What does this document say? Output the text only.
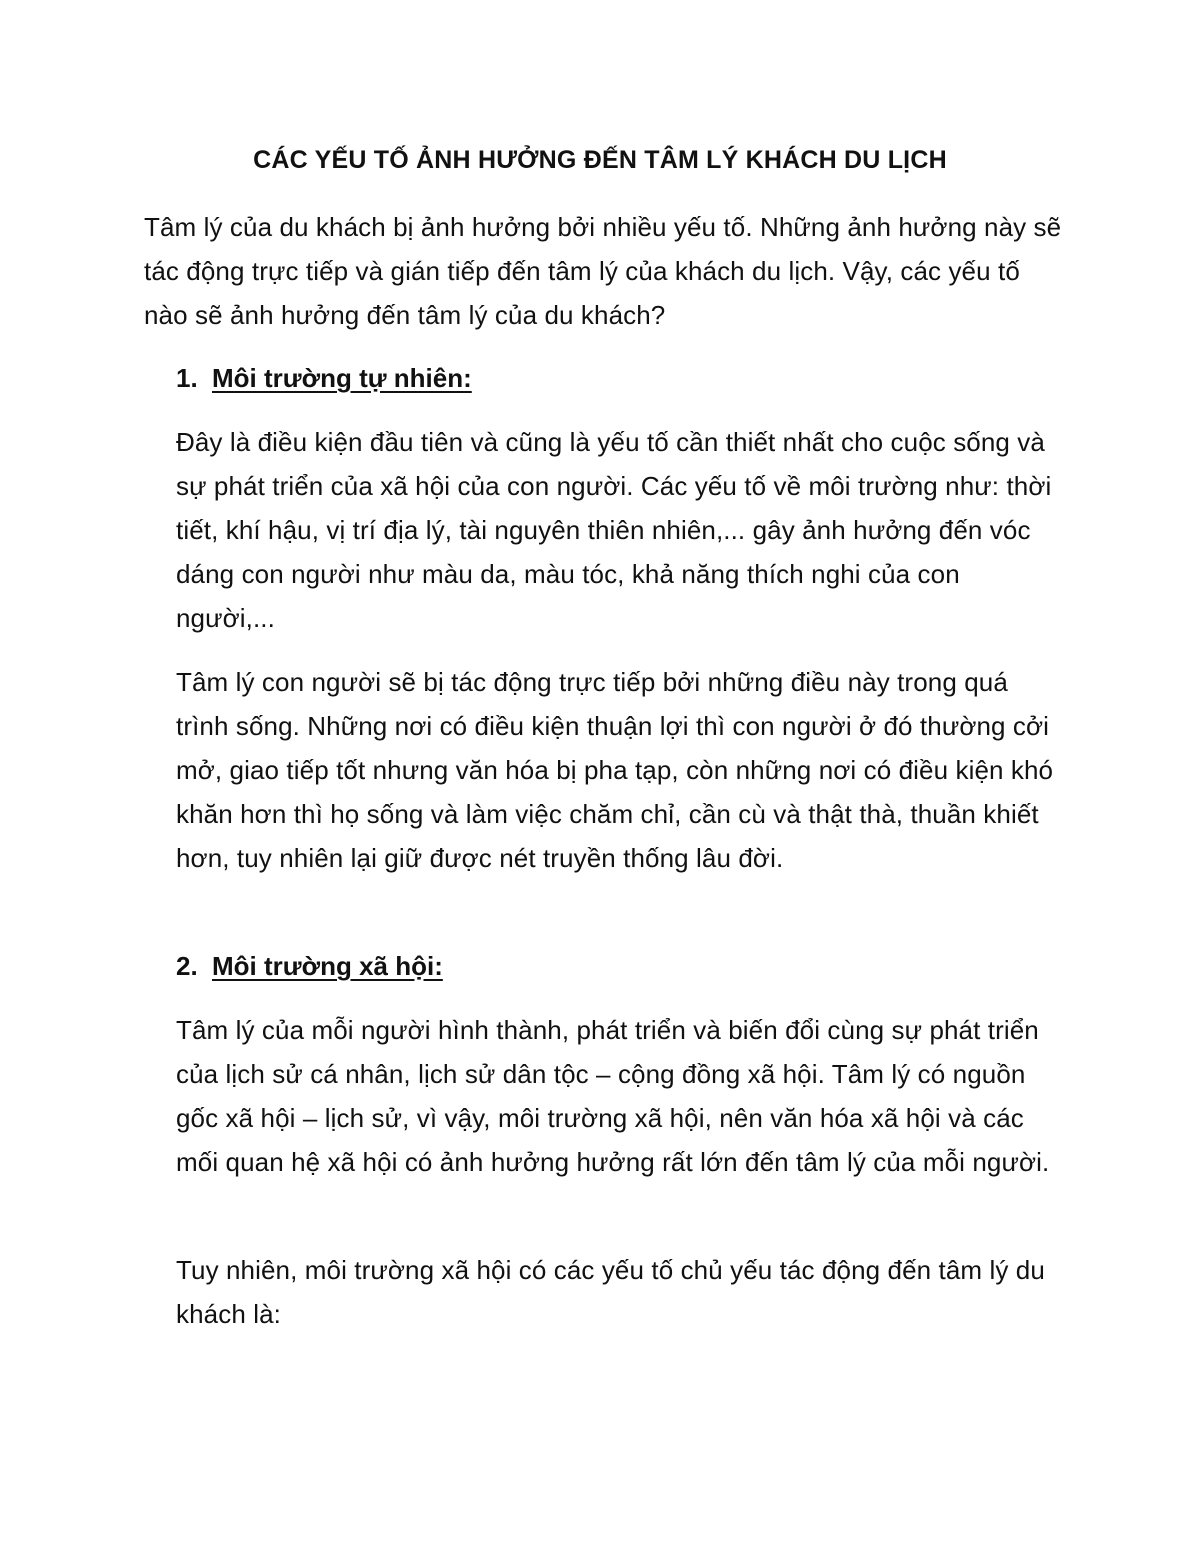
CÁC YẾU TỐ ẢNH HƯỞNG ĐẾN TÂM LÝ KHÁCH DU LỊCH

Tâm lý của du khách bị ảnh hưởng bởi nhiều yếu tố. Những ảnh hưởng này sẽ tác động trực tiếp và gián tiếp đến tâm lý của khách du lịch. Vậy, các yếu tố nào sẽ ảnh hưởng đến tâm lý của du khách?

1. Môi trường tự nhiên:

Đây là điều kiện đầu tiên và cũng là yếu tố cần thiết nhất cho cuộc sống và sự phát triển của xã hội của con người. Các yếu tố về môi trường như: thời tiết, khí hậu, vị trí địa lý, tài nguyên thiên nhiên,... gây ảnh hưởng đến vóc dáng con người như màu da, màu tóc, khả năng thích nghi của con người,...

Tâm lý con người sẽ bị tác động trực tiếp bởi những điều này trong quá trình sống. Những nơi có điều kiện thuận lợi thì con người ở đó thường cởi mở, giao tiếp tốt nhưng văn hóa bị pha tạp, còn những nơi có điều kiện khó khăn hơn thì họ sống và làm việc chăm chỉ, cần cù và thật thà, thuần khiết hơn, tuy nhiên lại giữ được nét truyền thống lâu đời.

2. Môi trường xã hội:

Tâm lý của mỗi người hình thành, phát triển và biến đổi cùng sự phát triển của lịch sử cá nhân, lịch sử dân tộc – cộng đồng xã hội. Tâm lý có nguồn gốc xã hội – lịch sử, vì vậy, môi trường xã hội, nên văn hóa xã hội và các mối quan hệ xã hội có ảnh hưởng hưởng rất lớn đến tâm lý của mỗi người.

Tuy nhiên, môi trường xã hội có các yếu tố chủ yếu tác động đến tâm lý du khách là:
